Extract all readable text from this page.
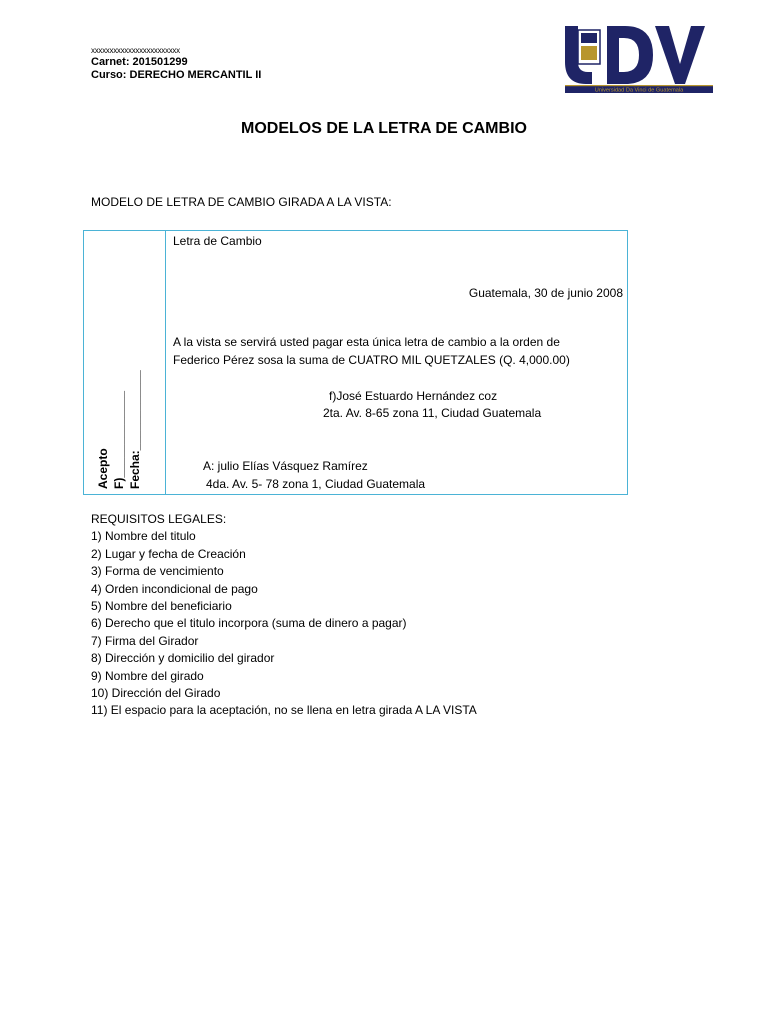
xxxxxxxxxxxxxxxxxxxxxxxx
Carnet: 201501299
Curso: DERECHO MERCANTIL II
Universidad Da Vinci de Guatemala
MODELOS DE LA LETRA DE CAMBIO
MODELO DE LETRA DE CAMBIO GIRADA A LA VISTA:
Acepto F)_____________ Fecha:____________

Letra de Cambio

Guatemala, 30 de junio 2008

A la vista se servirá usted pagar esta única letra de cambio a la orden de

Federico Pérez sosa la suma de CUATRO MIL QUETZALES (Q. 4,000.00)

f)José Estuardo Hernández coz

2ta. Av. 8-65 zona 11, Ciudad Guatemala

A: julio Elías Vásquez Ramírez

4da. Av. 5- 78 zona 1, Ciudad Guatemala

REQUISITOS LEGALES:
1) Nombre del titulo
2) Lugar y fecha de Creación
3) Forma de vencimiento
4) Orden incondicional de pago
5) Nombre del beneficiario
6) Derecho que el titulo incorpora (suma de dinero a pagar)
7) Firma del Girador
8) Dirección y domicilio del girador
9) Nombre del girado
10) Dirección del Girado
11) El espacio para la aceptación, no se llena en letra girada A LA VISTA
